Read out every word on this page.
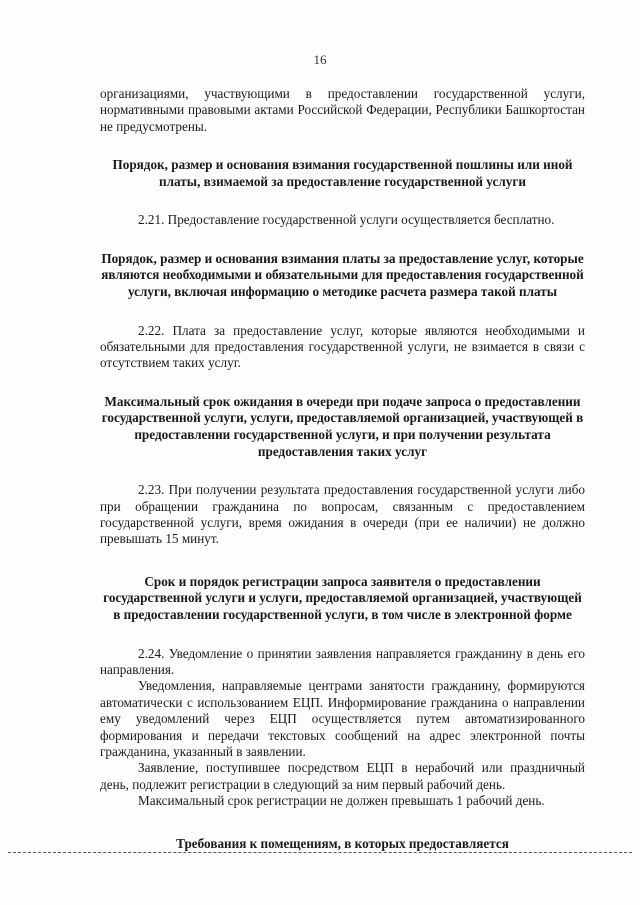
16

организациями, участвующими в предоставлении государственной услуги, нормативными правовыми актами Российской Федерации, Республики Башкортостан не предусмотрены.

Порядок, размер и основания взимания государственной пошлины или иной платы, взимаемой за предоставление государственной услуги

2.21. Предоставление государственной услуги осуществляется бесплатно.

Порядок, размер и основания взимания платы за предоставление услуг, которые являются необходимыми и обязательными для предоставления государственной услуги, включая информацию о методике расчета размера такой платы

2.22. Плата за предоставление услуг, которые являются необходимыми и обязательными для предоставления государственной услуги, не взимается в связи с отсутствием таких услуг.

Максимальный срок ожидания в очереди при подаче запроса о предоставлении государственной услуги, услуги, предоставляемой организацией, участвующей в предоставлении государственной услуги, и при получении результата предоставления таких услуг

2.23. При получении результата предоставления государственной услуги либо при обращении гражданина по вопросам, связанным с предоставлением государственной услуги, время ожидания в очереди (при ее наличии) не должно превышать 15 минут.

Срок и порядок регистрации запроса заявителя о предоставлении государственной услуги и услуги, предоставляемой организацией, участвующей в предоставлении государственной услуги, в том числе в электронной форме

2.24. Уведомление о принятии заявления направляется гражданину в день его направления.

Уведомления, направляемые центрами занятости гражданину, формируются автоматически с использованием ЕЦП. Информирование гражданина о направлении ему уведомлений через ЕЦП осуществляется путем автоматизированного формирования и передачи текстовых сообщений на адрес электронной почты гражданина, указанный в заявлении.

Заявление, поступившее посредством ЕЦП в нерабочий или праздничный день, подлежит регистрации в следующий за ним первый рабочий день.

Максимальный срок регистрации не должен превышать 1 рабочий день.

Требования к помещениям, в которых предоставляется
